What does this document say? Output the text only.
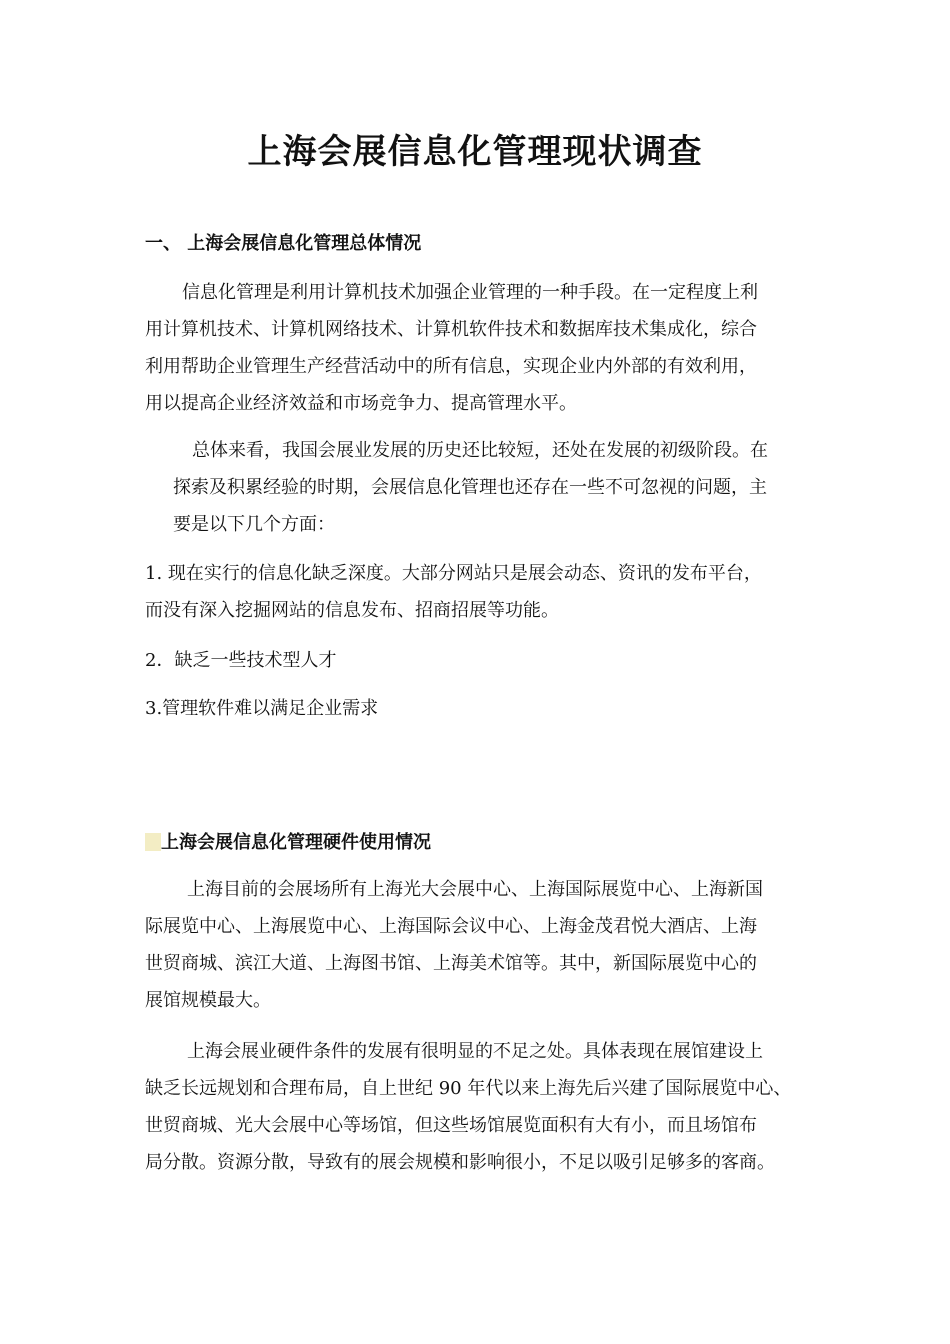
上海会展信息化管理现状调查
一、 上海会展信息化管理总体情况
信息化管理是利用计算机技术加强企业管理的一种手段。在一定程度上利
用计算机技术、计算机网络技术、计算机软件技术和数据库技术集成化，综合
利用帮助企业管理生产经营活动中的所有信息，实现企业内外部的有效利用，
用以提高企业经济效益和市场竞争力、提高管理水平。
总体来看，我国会展业发展的历史还比较短，还处在发展的初级阶段。在
探索及积累经验的时期，会展信息化管理也还存在一些不可忽视的问题，主
要是以下几个方面：
1. 现在实行的信息化缺乏深度。大部分网站只是展会动态、资讯的发布平台，
而没有深入挖掘网站的信息发布、招商招展等功能。
2．缺乏一些技术型人才
3.管理软件难以满足企业需求
上海会展信息化管理硬件使用情况
上海目前的会展场所有上海光大会展中心、上海国际展览中心、上海新国
际展览中心、上海展览中心、上海国际会议中心、上海金茂君悦大酒店、上海
世贸商城、滨江大道、上海图书馆、上海美术馆等。其中，新国际展览中心的
展馆规模最大。
上海会展业硬件条件的发展有很明显的不足之处。具体表现在展馆建设上
缺乏长远规划和合理布局，自上世纪 90 年代以来上海先后兴建了国际展览中心、
世贸商城、光大会展中心等场馆，但这些场馆展览面积有大有小，而且场馆布
局分散。资源分散，导致有的展会规模和影响很小，不足以吸引足够多的客商。
